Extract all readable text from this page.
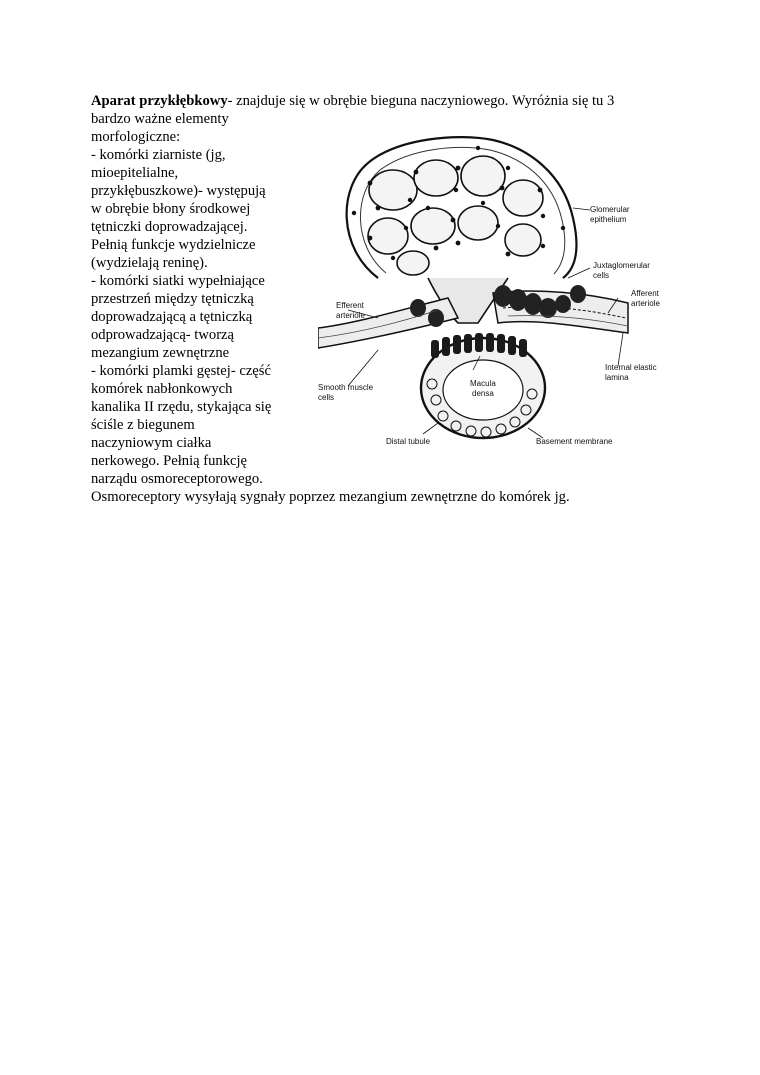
Aparat przykłębkowy- znajduje się w obrębie bieguna naczyniowego. Wyróżnia się tu 3
bardzo ważne elementy
morfologiczne:
- komórki ziarniste (jg,
mioepitelialne,
przykłębuszkowe)- występują
w obrębie błony środkowej
tętniczki doprowadzającej.
Pełnią funkcje wydzielnicze
(wydzielają reninę).
- komórki siatki wypełniające
przestrzeń między tętniczką
doprowadzającą a tętniczką
odprowadzającą- tworzą
mezangium zewnętrzne
- komórki plamki gęstej- część
komórek nabłonkowych
kanalika II rzędu, stykająca się
ściśle z biegunem
naczyniowym ciałka
nerkowego. Pełnią funkcję
narządu osmoreceptorowego.
Osmoreceptory wysyłają sygnały poprzez mezangium zewnętrzne do komórek jg.
Glomerular
epithelium
Juxtaglomerular
cells
Efferent
arteriole
Afferent
arteriole
Internal elastic
lamina
Smooth muscle
cells
Macula
densa
Distal tubule	Basement membrane
